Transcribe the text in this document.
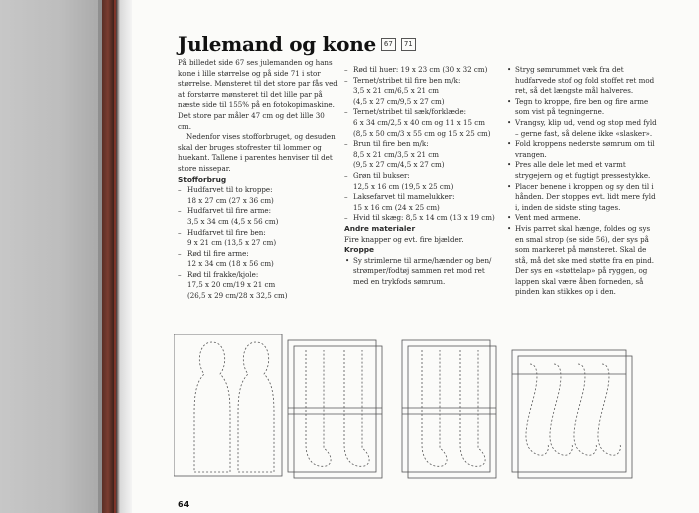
Julemand og kone	67	71

På billedet side 67 ses julemanden og hans kone i lille størrelse og på side 71 i stor størrelse. Mønsteret til det store par fås ved at forstørre mønsteret til det lille par på næste side til 155% på en fotokopimaskine. Det store par måler 47 cm og det lille 30 cm.

Nedenfor vises stofforbruget, og desuden skal der bruges stofrester til lommer og huekant. Tallene i parentes henviser til det store nissepar.

Stofforbrug

– Hudfarvet til to kroppe:
18 x 27 cm (27 x 36 cm)
– Hudfarvet til fire arme:
3,5 x 34 cm (4,5 x 56 cm)
– Hudfarvet til fire ben:
9 x 21 cm (13,5 x 27 cm)
– Rød til fire arme:
12 x 34 cm (18 x 56 cm)
– Rød til frakke/kjole:
17,5 x 20 cm/19 x 21 cm
(26,5 x 29 cm/28 x 32,5 cm)
– Rød til huer: 19 x 23 cm (30 x 32 cm)
– Ternet/stribet til fire ben m/k:
3,5 x 21 cm/6,5 x 21 cm
(4,5 x 27 cm/9,5 x 27 cm)
– Ternet/stribet til sæk/forklæde:
6 x 34 cm/2,5 x 40 cm og 11 x 15 cm
(8,5 x 50 cm/3 x 55 cm og 15 x 25 cm)
– Brun til fire ben m/k:
8,5 x 21 cm/3,5 x 21 cm
(9,5 x 27 cm/4,5 x 27 cm)
– Grøn til bukser:
12,5 x 16 cm (19,5 x 25 cm)
– Laksefarvet til mamelukker:
15 x 16 cm (24 x 25 cm)
– Hvid til skæg: 8,5 x 14 cm (13 x 19 cm)

Andre materialer

Fire knapper og evt. fire bjælder.

Kroppe

• Sy strimlerne til arme/hænder og ben/ strømper/fodtøj sammen ret mod ret med en trykfods sømrum.
• Stryg sømrummet væk fra det hudfarvede stof og fold stoffet ret mod ret, så det længste mål halveres.
• Tegn to kroppe, fire ben og fire arme som vist på tegningerne.
• Vrangsy, klip ud, vend og stop med fyld – gerne fast, så delene ikke «slasker».
• Fold kroppens nederste sømrum om til vrangen.
• Pres alle dele let med et varmt strygejern og et fugtigt pressestykke.
• Placer benene i kroppen og sy den til i hånden. Der stoppes evt. lidt mere fyld i, inden de sidste sting tages.
• Vent med armene.
• Hvis parret skal hænge, foldes og sys en smal strop (se side 56), der sys på som markeret på mønsteret. Skal de stå, må det ske med støtte fra en pind. Der sys en «støttelap» på ryggen, og lappen skal være åben forneden, så pinden kan stikkes op i den.
64
